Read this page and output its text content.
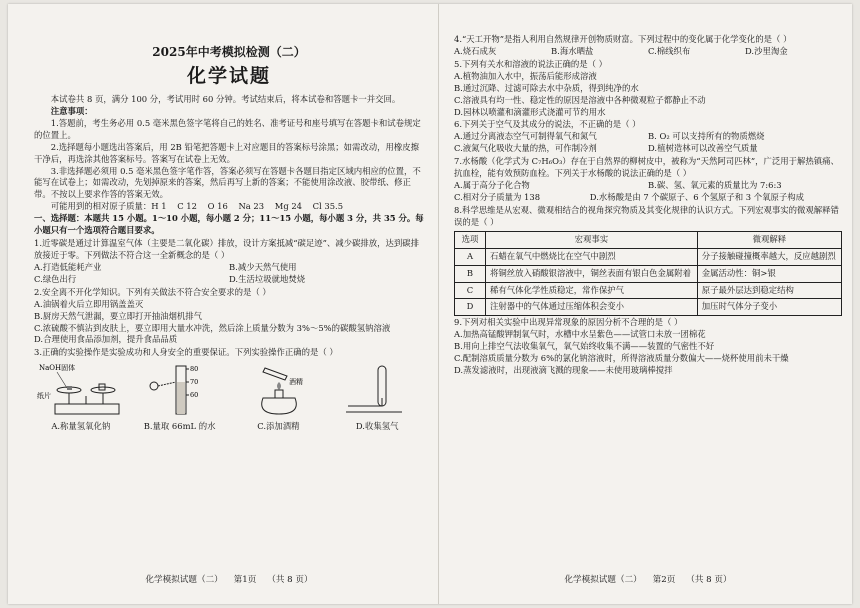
2025年中考模拟检测（二）

化学试题

本试卷共 8 页，满分 100 分，考试用时 60 分钟。考试结束后，将本试卷和答题卡一并交回。

注意事项：

1.答题前，考生务必用 0.5 毫米黑色签字笔将自己的姓名、准考证号和座号填写在答题卡和试卷规定的位置上。

2.选择题每小题选出答案后，用 2B 铅笔把答题卡上对应题目的答案标号涂黑；如需改动，用橡皮擦干净后，再选涂其他答案标号。答案写在试卷上无效。

3.非选择题必须用 0.5 毫米黑色签字笔作答，答案必须写在答题卡各题目指定区域内相应的位置，不能写在试卷上；如需改动，先划掉原来的答案，然后再写上新的答案；不能使用涂改液、胶带纸、修正带。不按以上要求作答的答案无效。

可能用到的相对原子质量：H 1    C 12    O 16    Na 23    Mg 24    Cl 35.5

一、选择题：本题共 15 小题。1～10 小题，每小题 2 分；11～15 小题，每小题 3 分，共 35 分。每小题只有一个选项符合题目要求。

1.近零碳是通过计算温室气体（主要是二氧化碳）排放，设计方案抵减“碳足迹”、减少碳排放，达到碳排放接近于零。下列做法不符合这一全新概念的是（ ）

A.打造低能耗产业	B.减少天然气使用
C.绿色出行	D.生活垃圾就地焚烧

2.安全离不开化学知识。下列有关做法不符合安全要求的是（ ）

A.油锅着火后立即用锅盖盖灭

B.厨房天然气泄漏，要立即打开抽油烟机排气

C.浓硫酸不慎沾到皮肤上，要立即用大量水冲洗，然后涂上质量分数为 3%～5%的碳酸氢钠溶液

D.合理使用食品添加剂，提升食品品质

3.正确的实验操作是实验成功和人身安全的重要保证。下列实验操作正确的是（ ）

NaOH固体
纸片
80
70
60
酒精
A.称量氢氧化钠	B.量取 66mL 的水	C.添加酒精	D.收集氢气

化学模拟试题（二）    第1页    （共 8 页）

4.“天工开物”是指人利用自然规律开创物质财富。下列过程中的变化属于化学变化的是（ ）

A.烧石成灰	B.海水晒盐	C.棉线织布	D.沙里淘金

5.下列有关水和溶液的说法正确的是（ ）

A.植物油加入水中，振荡后能形成溶液

B.通过沉降、过滤可除去水中杂质，得到纯净的水

C.溶液具有均一性、稳定性的原因是溶液中各种微观粒子都静止不动

D.园林以喷灌和滴灌形式浇灌可节约用水

6.下列关于空气及其成分的说法，不正确的是（ ）

A.通过分离液态空气可制得氧气和氮气	B. O₂ 可以支持所有的物质燃烧
C.液氮气化吸收大量的热，可作制冷剂	D.植树造林可以改善空气质量

7.水杨酸（化学式为 C₇H₆O₃）存在于自然界的柳树皮中，被称为“天然阿司匹林”，广泛用于解热镇痛、抗血栓，能有效预防血栓。下列关于水杨酸的说法正确的是（ ）

A.属于高分子化合物	B.碳、氢、氧元素的质量比为 7:6:3
C.相对分子质量为 138	D.水杨酸是由 7 个碳原子、6 个氢原子和 3 个氧原子构成

8.科学思维是从宏观、微观相结合的视角探究物质及其变化规律的认识方式。下列宏观事实的微观解释错误的是（ ）

选项	宏观事实	微观解释
A	石蜡在氧气中燃烧比在空气中剧烈	分子接触碰撞概率越大，反应越剧烈
B	将铜丝放入硝酸银溶液中，铜丝表面有银白色金属附着	金属活动性：铜>银
C	稀有气体化学性质稳定，常作保护气	原子最外层达到稳定结构
D	注射器中的气体通过压缩体积会变小	加压时气体分子变小

9.下列对相关实验中出现异常现象的原因分析不合理的是（ ）

A.加热高锰酸钾制氧气时，水槽中水呈紫色——试管口未放一团棉花

B.用向上排空气法收集氧气，氧气始终收集不满——装置的气密性不好

C.配制溶质质量分数为 6%的氯化钠溶液时，所得溶液质量分数偏大——烧杯使用前未干燥

D.蒸发滤液时，出现液滴飞溅的现象——未使用玻璃棒搅拌

化学模拟试题（二）    第2页    （共 8 页）
